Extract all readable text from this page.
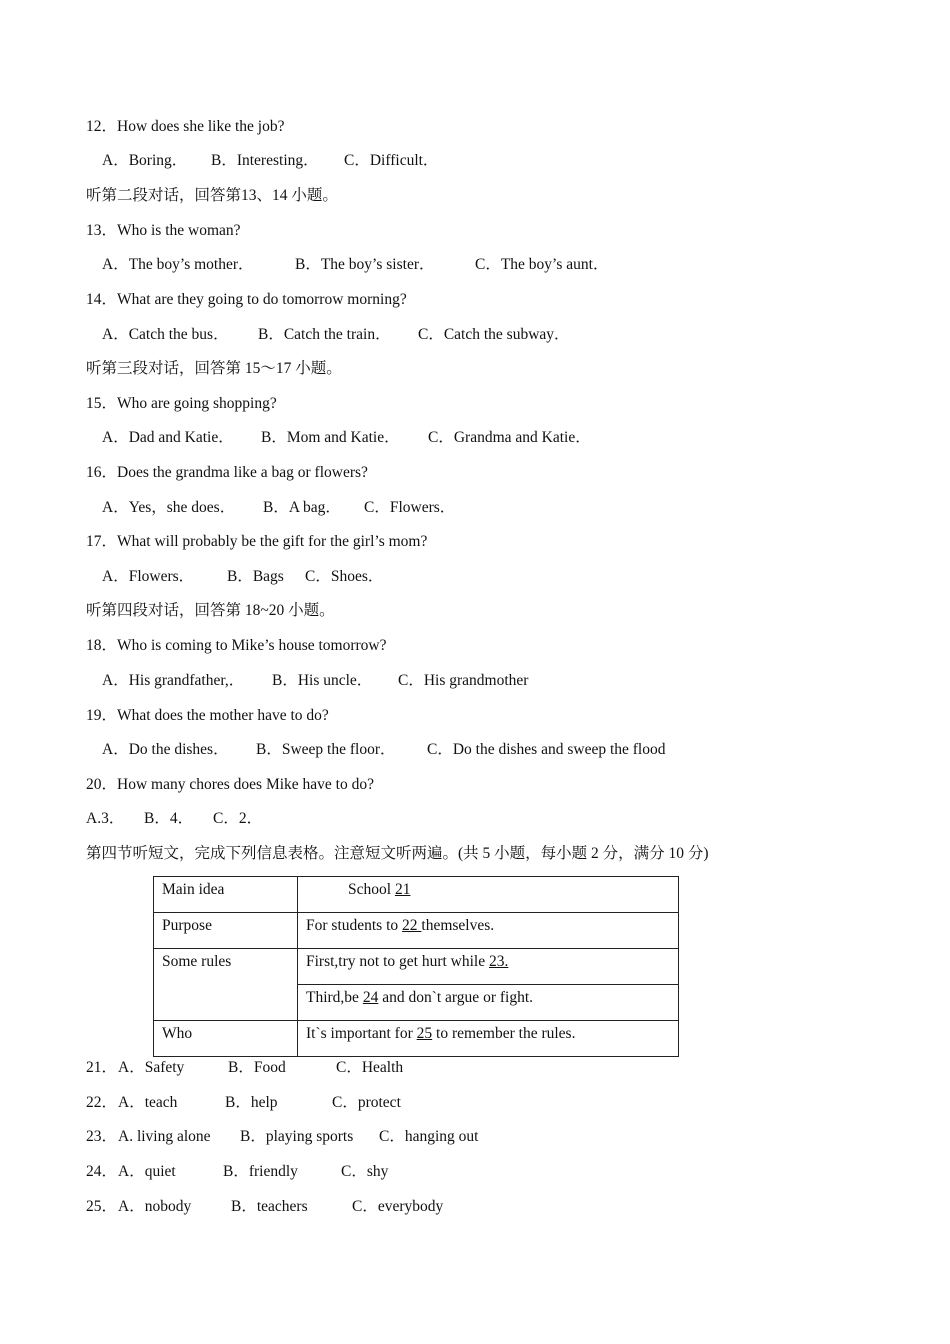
12．How does she like the job?
A．Boring． B．Interesting． C．Difficult．
听第二段对话，回答第13、14 小题。
13．Who is the woman?
A．The boy’s mother．	B．The boy’s sister．	C．The boy’s aunt．
14．What are they going to do tomorrow morning?
A．Catch the bus． B．Catch the train． C．Catch the subway．
听第三段对话，回答第 15～17 小题。
15．Who are going shopping?
A．Dad and Katie． B．Mom and Katie． C．Grandma and Katie．
16．Does the grandma like a bag or flowers?
A．Yes，she does． B．A bag． C．Flowers．
17．What will probably be the gift for the girl’s mom?
A．Flowers． B．Bags C．Shoes．
听第四段对话，回答第 18~20 小题。
18．Who is coming to Mike’s house tomorrow?
A．His grandfather,． B．His uncle． C．His grandmother
19．What does the mother have to do?
A．Do the dishes． B．Sweep the floor． C．Do the dishes and sweep the flood
20．How many chores does Mike have to do?
A.3． B．4． C．2．
第四节听短文，完成下列信息表格。注意短文听两遍。(共 5 小题，每小题 2 分，满分 10 分)
Main idea	School 21
Purpose	For students to 22 themselves.
Some rules	First,try not to get hurt while 23.
	Third,be 24 and don`t argue or fight.
Who	It`s important for 25 to remember the rules.
21． A．Safety	B．Food	C．Health
22． A．teach	B．help	C．protect
23． A. living alone B．playing sports C．hanging out
24． A．quiet	B．friendly	C．shy
25． A．nobody	B．teachers	C．everybody
